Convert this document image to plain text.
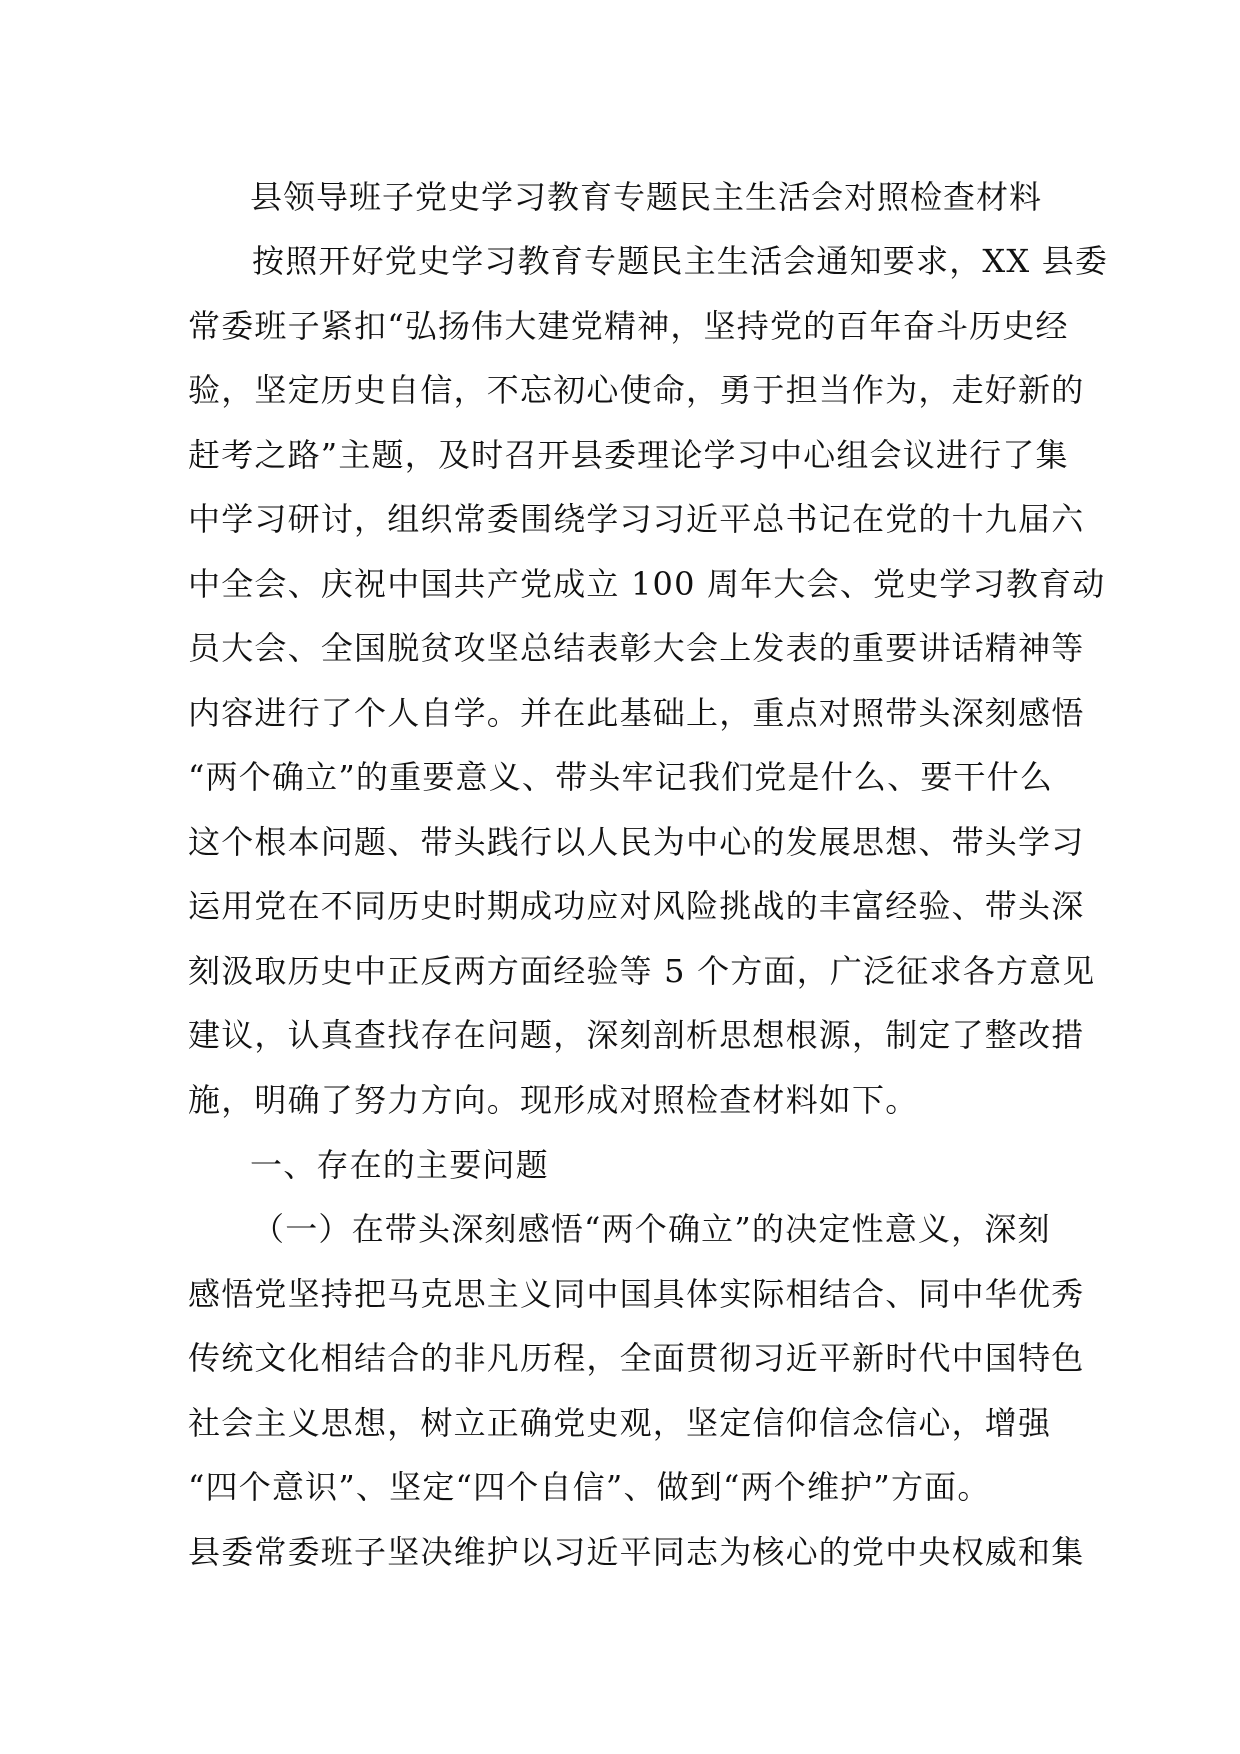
县领导班子党史学习教育专题民主生活会对照检查材料
按照开好党史学习教育专题民主生活会通知要求，XX 县委
常委班子紧扣“弘扬伟大建党精神，坚持党的百年奋斗历史经
验，坚定历史自信，不忘初心使命，勇于担当作为，走好新的
赶考之路”主题，及时召开县委理论学习中心组会议进行了集
中学习研讨，组织常委围绕学习习近平总书记在党的十九届六
中全会、庆祝中国共产党成立 100 周年大会、党史学习教育动
员大会、全国脱贫攻坚总结表彰大会上发表的重要讲话精神等
内容进行了个人自学。并在此基础上，重点对照带头深刻感悟
“两个确立”的重要意义、带头牢记我们党是什么、要干什么
这个根本问题、带头践行以人民为中心的发展思想、带头学习
运用党在不同历史时期成功应对风险挑战的丰富经验、带头深
刻汲取历史中正反两方面经验等 5 个方面，广泛征求各方意见
建议，认真查找存在问题，深刻剖析思想根源，制定了整改措
施，明确了努力方向。现形成对照检查材料如下。
一、存在的主要问题
（一）在带头深刻感悟“两个确立”的决定性意义，深刻
感悟党坚持把马克思主义同中国具体实际相结合、同中华优秀
传统文化相结合的非凡历程，全面贯彻习近平新时代中国特色
社会主义思想，树立正确党史观，坚定信仰信念信心，增强
“四个意识”、坚定“四个自信”、做到“两个维护”方面。
县委常委班子坚决维护以习近平同志为核心的党中央权威和集
